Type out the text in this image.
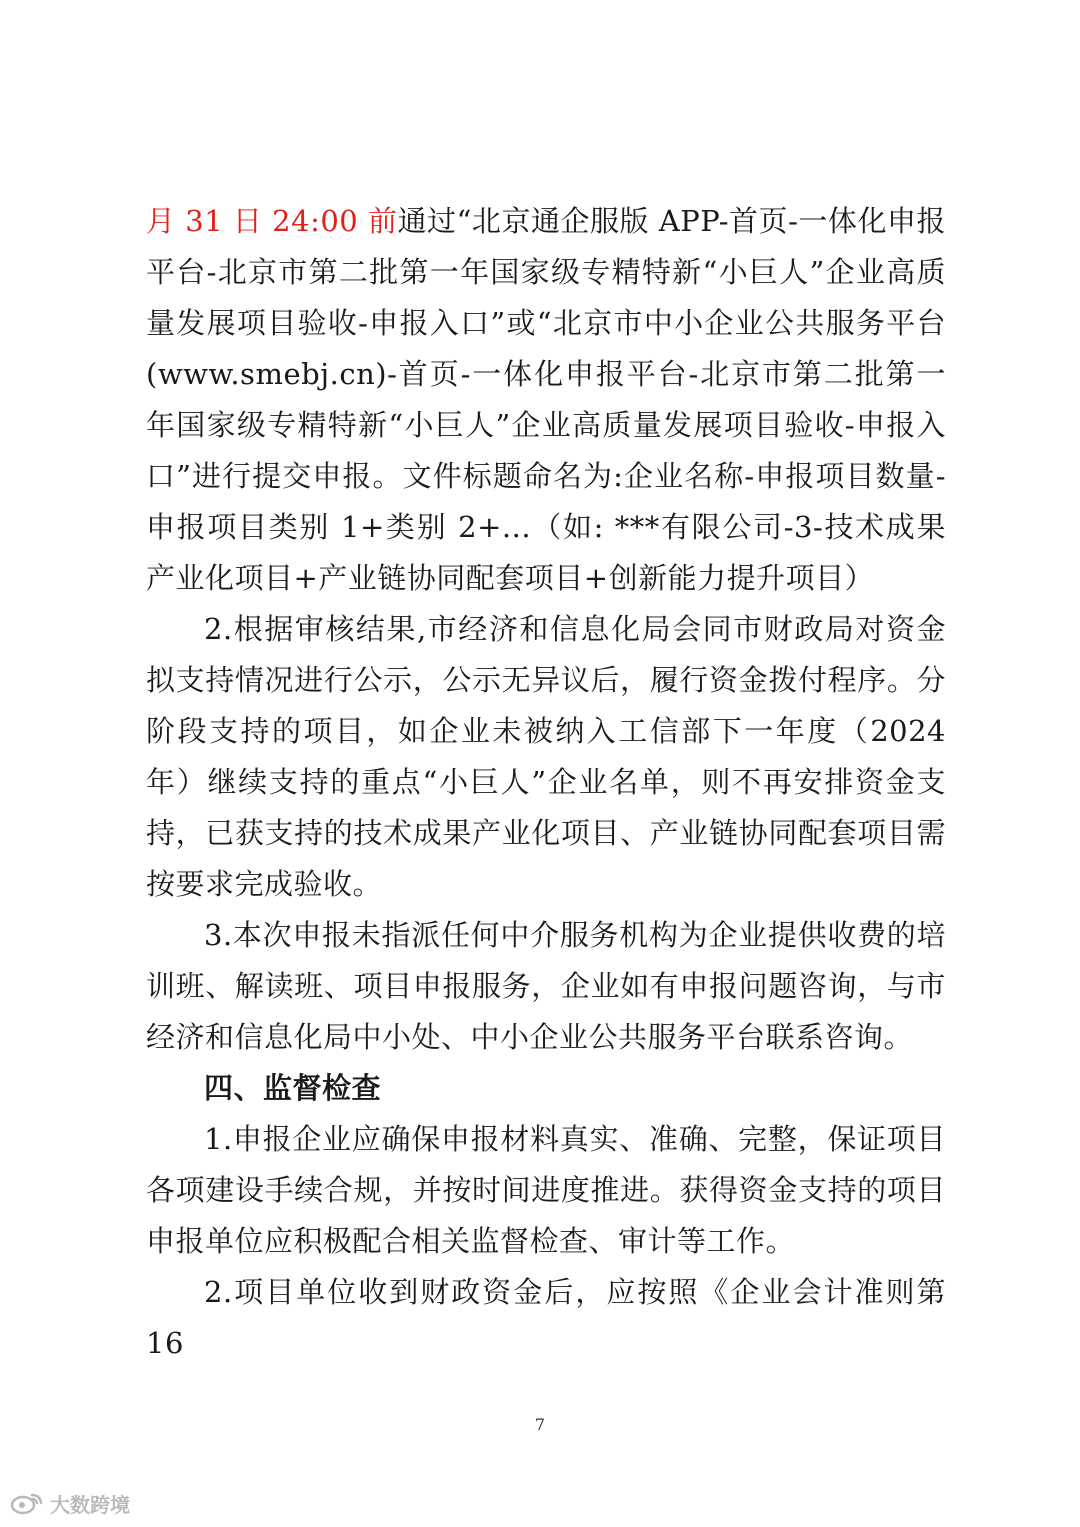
月 31 日 24:00 前通过“北京通企服版 APP-首页-一体化申报平台-北京市第二批第一年国家级专精特新“小巨人”企业高质量发展项目验收-申报入口”或“北京市中小企业公共服务平台(www.smebj.cn)-首页-一体化申报平台-北京市第二批第一年国家级专精特新“小巨人”企业高质量发展项目验收-申报入口”进行提交申报。文件标题命名为:企业名称-申报项目数量-申报项目类别 1+类别 2+...（如: ***有限公司-3-技术成果产业化项目+产业链协同配套项目+创新能力提升项目）

2.根据审核结果,市经济和信息化局会同市财政局对资金拟支持情况进行公示，公示无异议后，履行资金拨付程序。分阶段支持的项目，如企业未被纳入工信部下一年度（2024 年）继续支持的重点“小巨人”企业名单，则不再安排资金支持，已获支持的技术成果产业化项目、产业链协同配套项目需按要求完成验收。

3.本次申报未指派任何中介服务机构为企业提供收费的培训班、解读班、项目申报服务，企业如有申报问题咨询，与市经济和信息化局中小处、中小企业公共服务平台联系咨询。

四、监督检查

1.申报企业应确保申报材料真实、准确、完整，保证项目各项建设手续合规，并按时间进度推进。获得资金支持的项目申报单位应积极配合相关监督检查、审计等工作。

2.项目单位收到财政资金后，应按照《企业会计准则第 16

7
大数跨境
